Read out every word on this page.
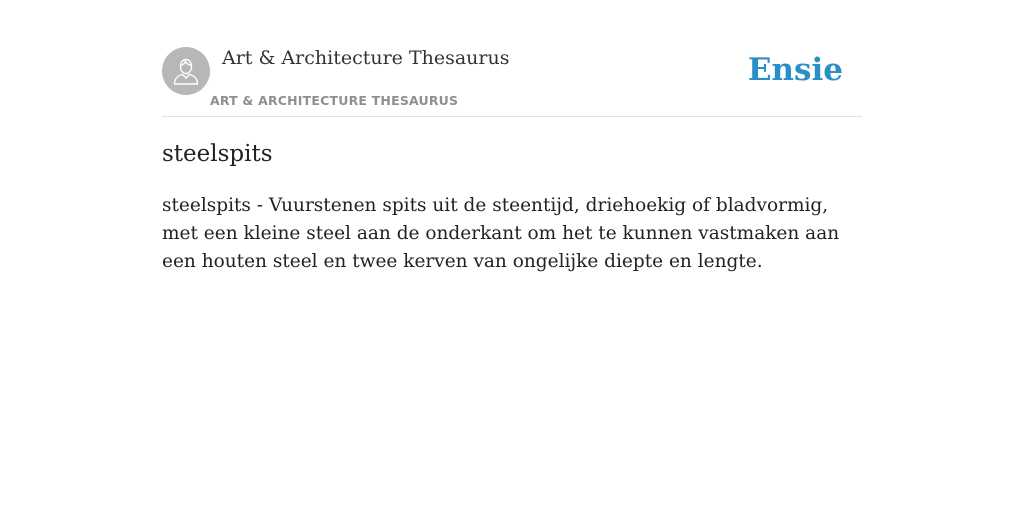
Art & Architecture Thesaurus
ART & ARCHITECTURE THESAURUS
Ensie
steelspits

steelspits - Vuurstenen spits uit de steentijd, driehoekig of bladvormig, met een kleine steel aan de onderkant om het te kunnen vastmaken aan een houten steel en twee kerven van ongelijke diepte en lengte.
